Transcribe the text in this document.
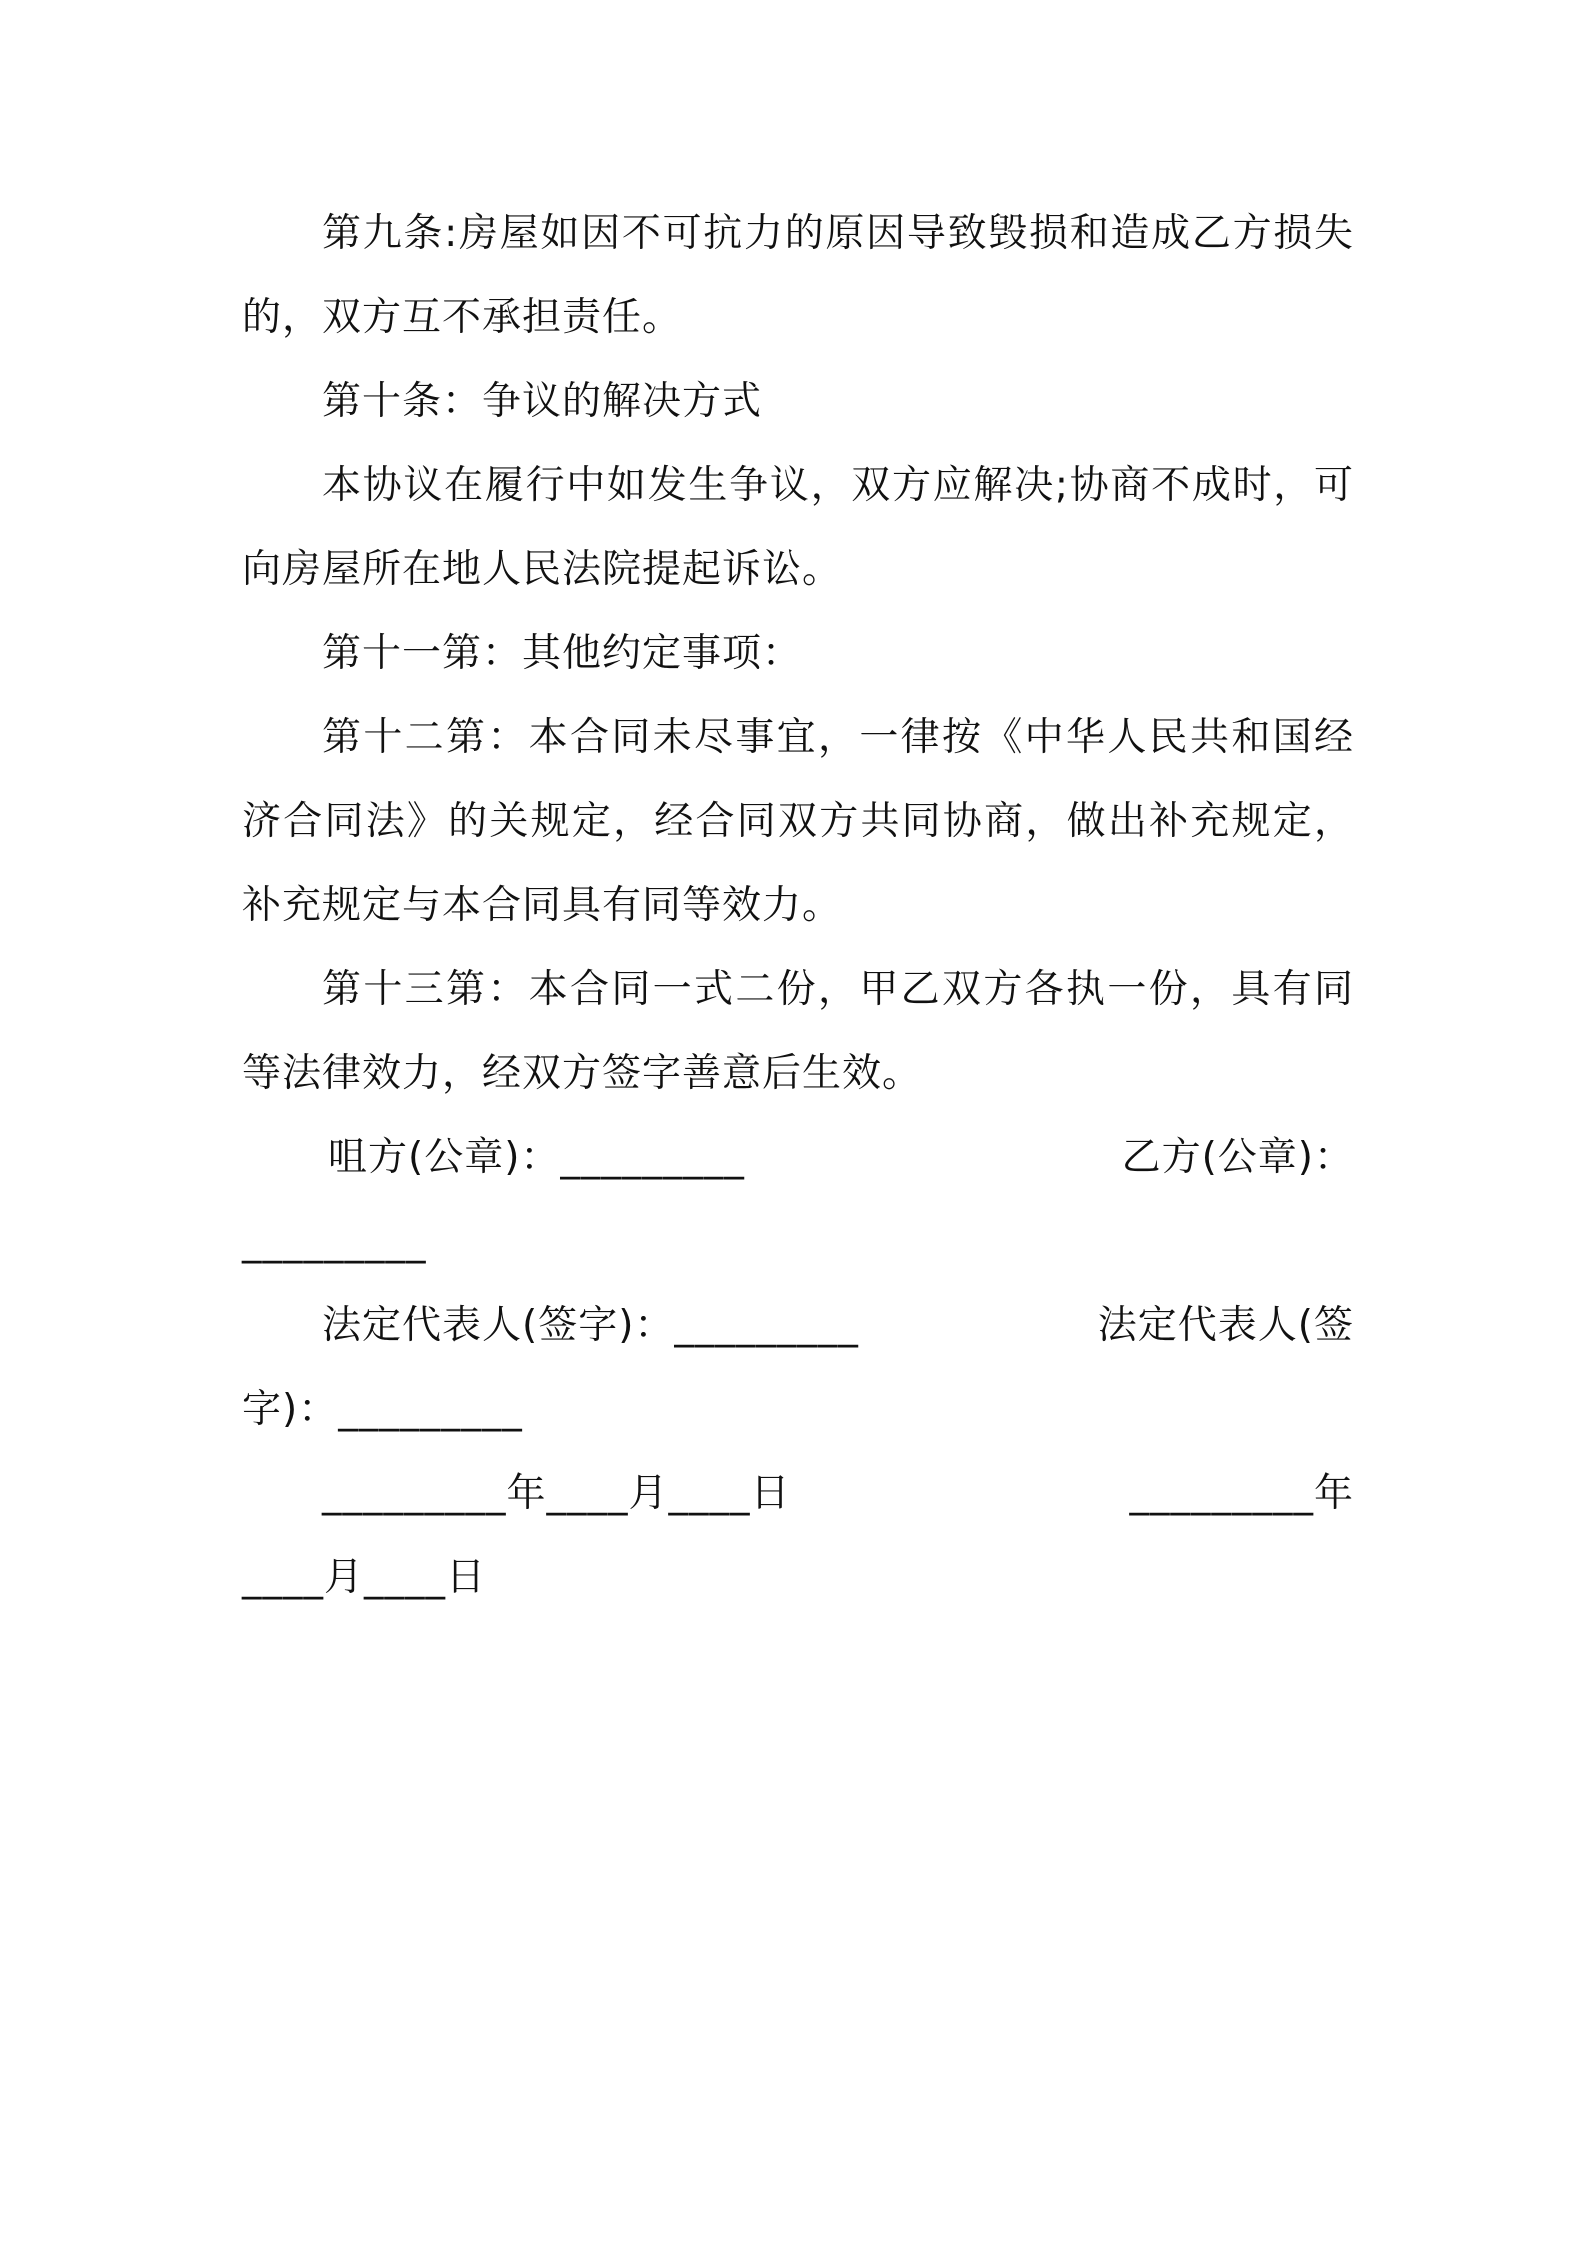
第九条:房屋如因不可抗力的原因导致毁损和造成乙方损失的，双方互不承担责任。

第十条：争议的解决方式

本协议在履行中如发生争议，双方应解决;协商不成时，可向房屋所在地人民法院提起诉讼。

第十一第：其他约定事项：

第十二第：本合同未尽事宜，一律按《中华人民共和国经济合同法》的关规定，经合同双方共同协商，做出补充规定，补充规定与本合同具有同等效力。

第十三第：本合同一式二份，甲乙双方各执一份，具有同等法律效力，经双方签字善意后生效。

咀方(公章)：_________	乙方(公章)：
_________
法定代表人(签字)：_________	法定代表人(签
字)：_________
_________年____月____日	_________年
____月____日
